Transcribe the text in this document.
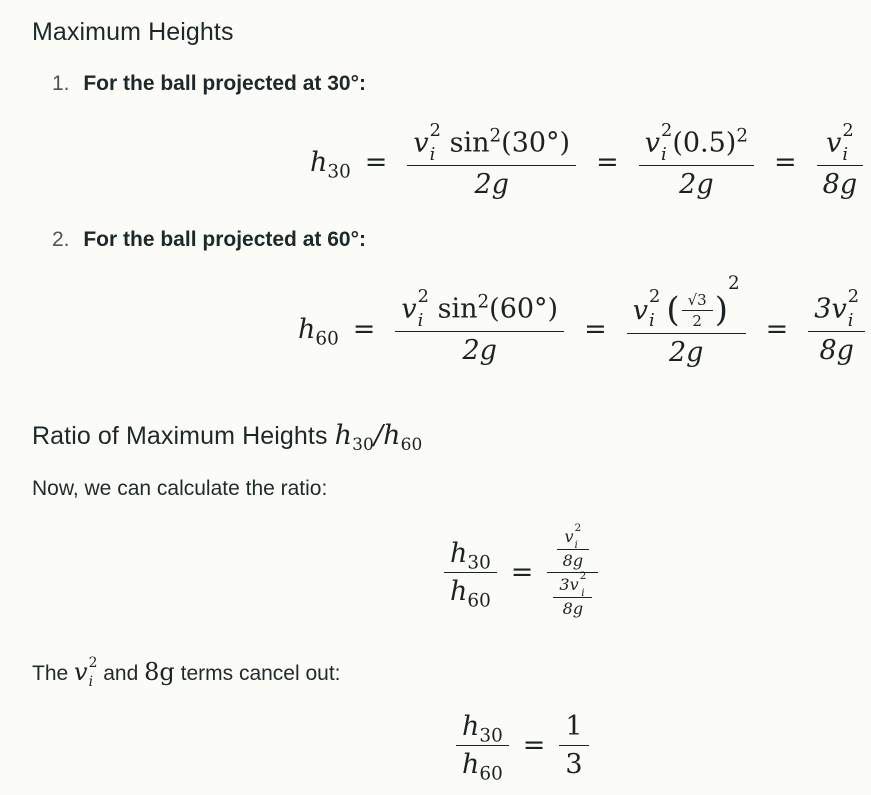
Maximum Heights
1. For the ball projected at 30°:
$h_{30} = v$ 2
i $\sin^2(30^\circ)$
2g = v 2
i $(0.5)^2$
2g = v 2
i
8g
2. For the ball projected at 60°:
$h_{60} = v$ 2
i $\sin^2(60^\circ)$
2g = v 2
i ( $\frac{√3}{2}$ )
2
2g = 3v 2
i
8g
Ratio of Maximum Heights $h_{30}/h_{60}$
Now, we can calculate the ratio:
$\frac{h_{30}}{h_{60}} = v$ 2
i
8g
3v 2
i
8g
The v 2
i and 8g terms cancel out:
$\frac{h_{30}}{h_{60}} = \frac{1}{3}$
